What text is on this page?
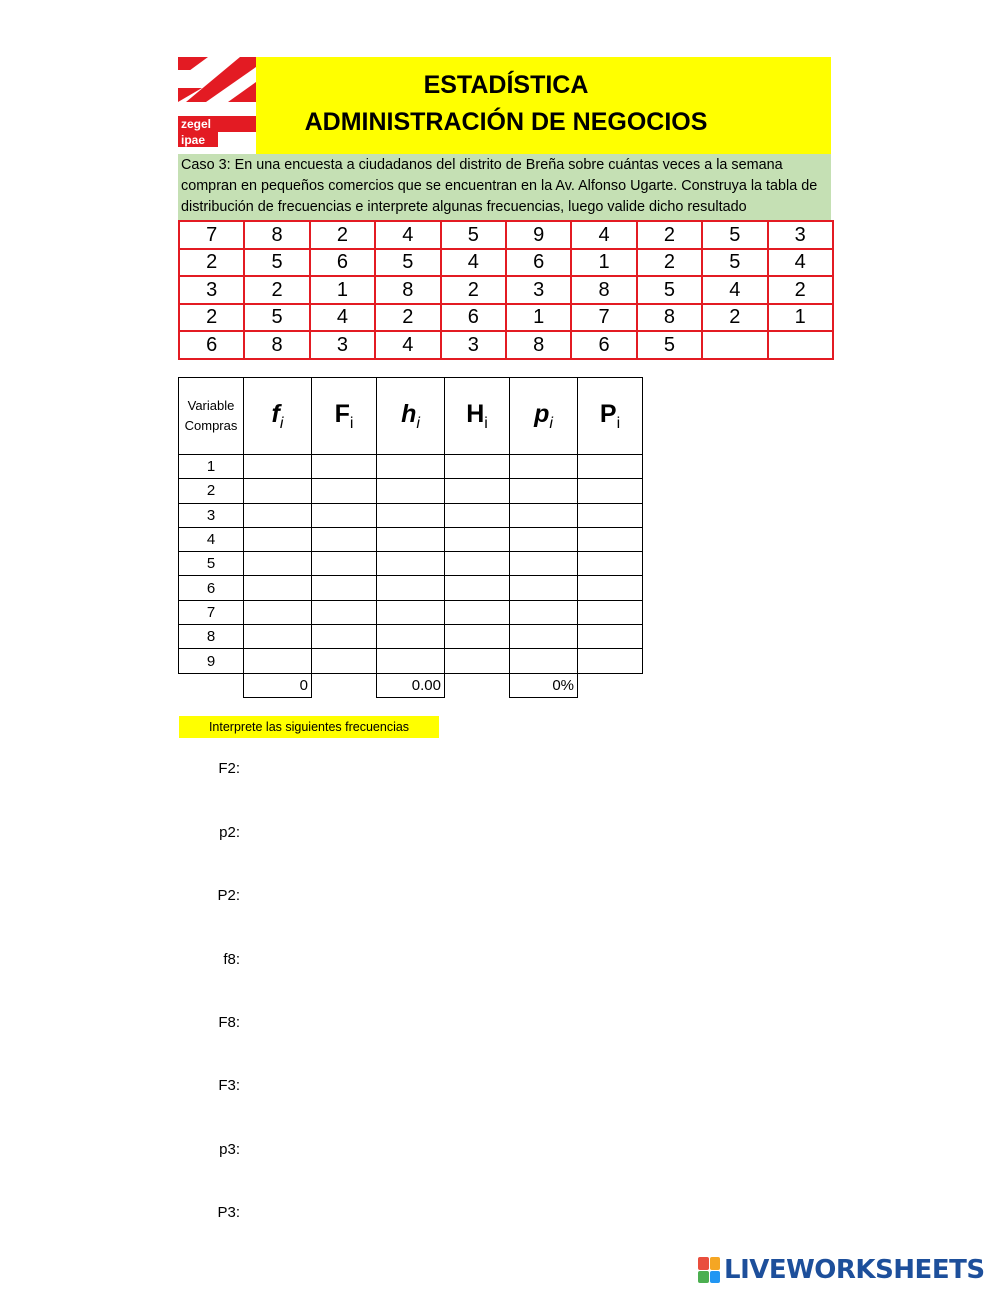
zegel
ipae
ESTADÍSTICA
ADMINISTRACIÓN DE NEGOCIOS
Caso 3: En una encuesta a ciudadanos del distrito de Breña sobre cuántas veces a la semana compran en pequeños comercios que se encuentran en la Av. Alfonso Ugarte. Construya la tabla de distribución de frecuencias e interprete algunas frecuencias, luego valide dicho resultado
7	8	2	4	5	9	4	2	5	3
2	5	6	5	4	6	1	2	5	4
3	2	1	8	2	3	8	5	4	2
2	5	4	2	6	1	7	8	2	1
6	8	3	4	3	8	6	5		
Variable
Compras	$f_i$	$F_i$	$h_i$	$H_i$	$p_i$	$P_i$
1						
2						
3						
4						
5						
6						
7						
8						
9						
	0		0.00		0%	
Interprete las siguientes frecuencias
F2:
p2:
P2:
f8:
F8:
F3:
p3:
P3:
LIVEWORKSHEETS
